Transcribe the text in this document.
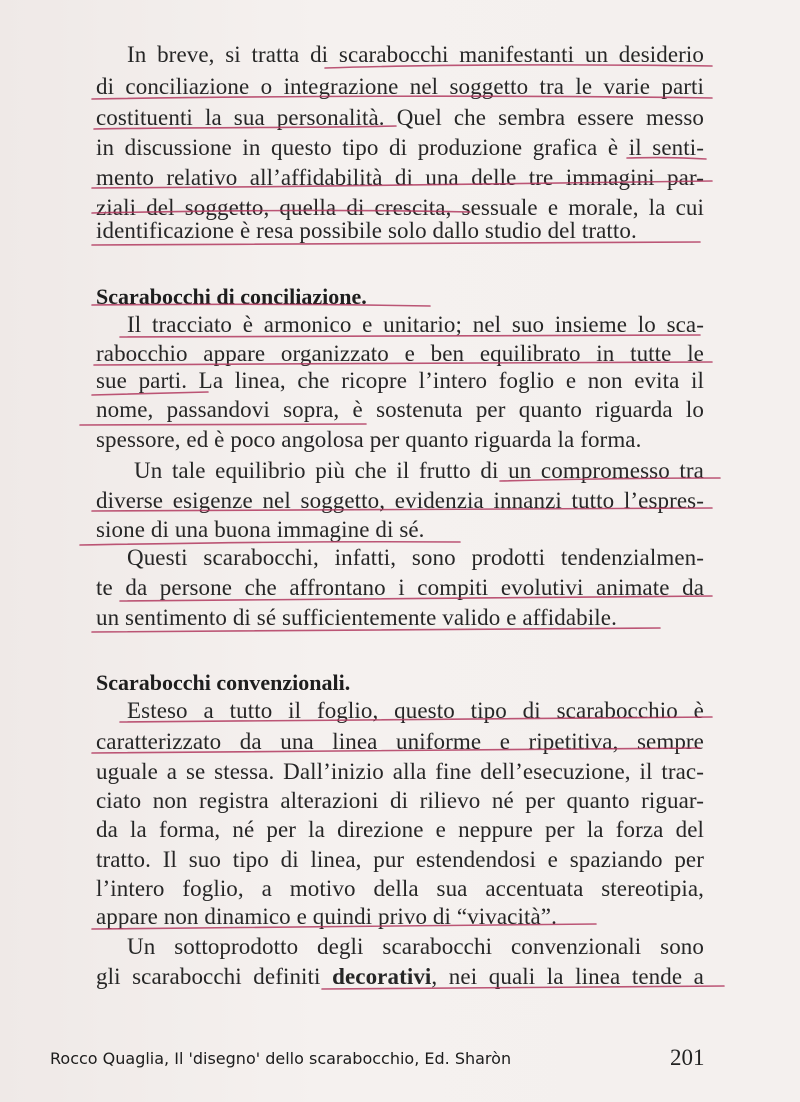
In breve, si tratta di scarabocchi manifestanti un desiderio
di conciliazione o integrazione nel soggetto tra le varie parti
costituenti la sua personalità. Quel che sembra essere messo
in discussione in questo tipo di produzione grafica è il senti-
mento relativo all’affidabilità di una delle tre immagini par-
ziali del soggetto, quella di crescita, sessuale e morale, la cui
identificazione è resa possibile solo dallo studio del tratto.
Scarabocchi di conciliazione.
Il tracciato è armonico e unitario; nel suo insieme lo sca-
rabocchio appare organizzato e ben equilibrato in tutte le
sue parti. La linea, che ricopre l’intero foglio e non evita il
nome, passandovi sopra, è sostenuta per quanto riguarda lo
spessore, ed è poco angolosa per quanto riguarda la forma.
Un tale equilibrio più che il frutto di un compromesso tra
diverse esigenze nel soggetto, evidenzia innanzi tutto l’espres-
sione di una buona immagine di sé.
Questi scarabocchi, infatti, sono prodotti tendenzialmen-
te da persone che affrontano i compiti evolutivi animate da
un sentimento di sé sufficientemente valido e affidabile.
Scarabocchi convenzionali.
Esteso a tutto il foglio, questo tipo di scarabocchio è
caratterizzato da una linea uniforme e ripetitiva, sempre
uguale a se stessa. Dall’inizio alla fine dell’esecuzione, il trac-
ciato non registra alterazioni di rilievo né per quanto riguar-
da la forma, né per la direzione e neppure per la forza del
tratto. Il suo tipo di linea, pur estendendosi e spaziando per
l’intero foglio, a motivo della sua accentuata stereotipia,
appare non dinamico e quindi privo di “vivacità”.
Un sottoprodotto degli scarabocchi convenzionali sono
gli scarabocchi definiti decorativi, nei quali la linea tende a
Rocco Quaglia, Il 'disegno' dello scarabocchio, Ed. Sharòn	201
